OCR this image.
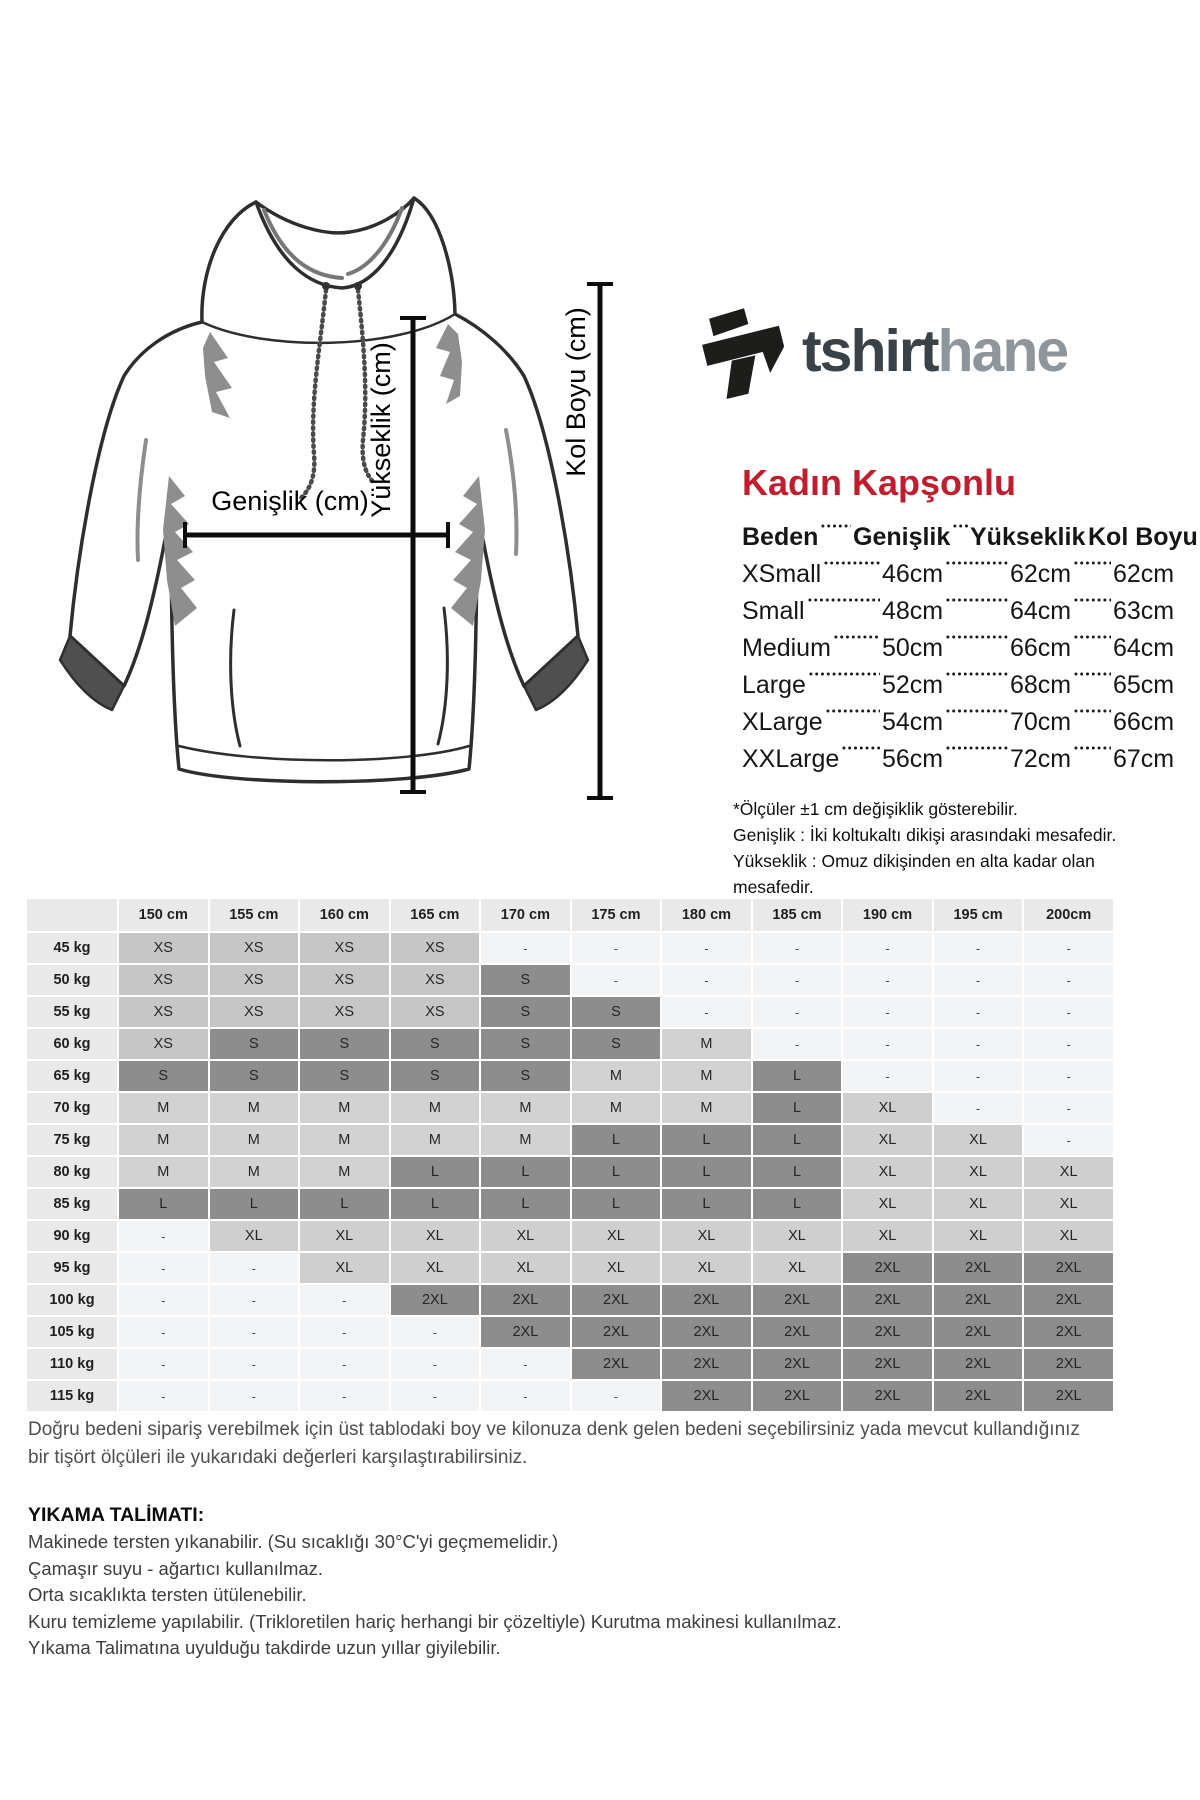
Genişlik (cm)
Yükseklik (cm)	Kol Boyu (cm)	tshirthane
Kadın Kapşonlu
Beden Genişlik Yükseklik Kol Boyu
XSmall 46cm	62cm 62cm
Small	48cm	64cm 63cm
Medium 50cm	66cm 64cm
Large	52cm	68cm 65cm
XLarge 54cm	70cm 66cm
XXLarge 56cm	72cm 67cm
*Ölçüler ±1 cm değişiklik gösterebilir.
Genişlik : İki koltukaltı dikişi arasındaki mesafedir.
Yükseklik : Omuz dikişinden en alta kadar olan mesafedir.
	150 cm	155 cm	160 cm	165 cm	170 cm	175 cm	180 cm	185 cm	190 cm	195 cm	200cm
45 kg	XS	XS	XS	XS	-	-	-	-	-	-	-
50 kg	XS	XS	XS	XS	S	-	-	-	-	-	-
55 kg	XS	XS	XS	XS	S	S	-	-	-	-	-
60 kg	XS	S	S	S	S	S	M	-	-	-	-
65 kg	S	S	S	S	S	M	M	L	-	-	-
70 kg	M	M	M	M	M	M	M	L	XL	-	-
75 kg	M	M	M	M	M	L	L	L	XL	XL	-
80 kg	M	M	M	L	L	L	L	L	XL	XL	XL
85 kg	L	L	L	L	L	L	L	L	XL	XL	XL
90 kg	-	XL	XL	XL	XL	XL	XL	XL	XL	XL	XL
95 kg	-	-	XL	XL	XL	XL	XL	XL	2XL	2XL	2XL
100 kg	-	-	-	2XL	2XL	2XL	2XL	2XL	2XL	2XL	2XL
105 kg	-	-	-	-	2XL	2XL	2XL	2XL	2XL	2XL	2XL
110 kg	-	-	-	-	-	2XL	2XL	2XL	2XL	2XL	2XL
115 kg	-	-	-	-	-	-	2XL	2XL	2XL	2XL	2XL
Doğru bedeni sipariş verebilmek için üst tablodaki boy ve kilonuza denk gelen bedeni seçebilirsiniz yada mevcut kullandığınız
bir tişört ölçüleri ile yukarıdaki değerleri karşılaştırabilirsiniz.
YIKAMA TALİMATI:
Makinede tersten yıkanabilir. (Su sıcaklığı 30°C'yi geçmemelidir.)
Çamaşır suyu - ağartıcı kullanılmaz.
Orta sıcaklıkta tersten ütülenebilir.
Kuru temizleme yapılabilir. (Trikloretilen hariç herhangi bir çözeltiyle) Kurutma makinesi kullanılmaz.
Yıkama Talimatına uyulduğu takdirde uzun yıllar giyilebilir.
